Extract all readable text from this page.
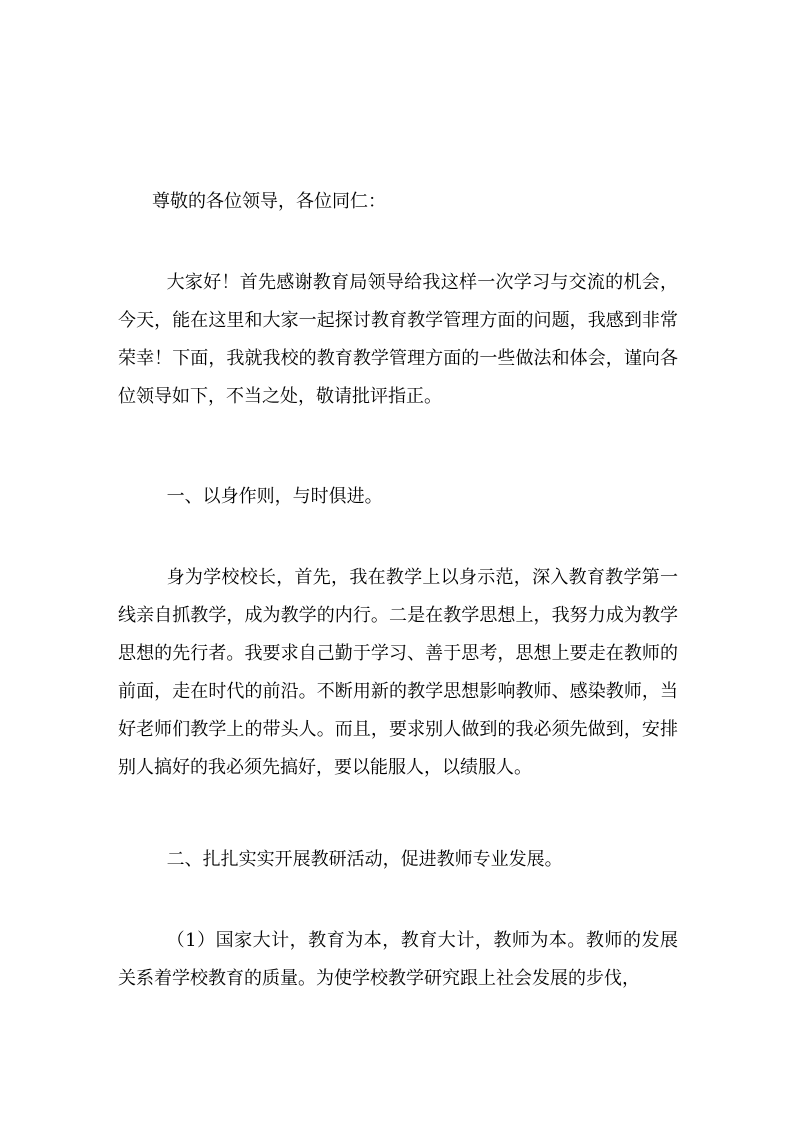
尊敬的各位领导，各位同仁：

大家好！首先感谢教育局领导给我这样一次学习与交流的机会，今天，能在这里和大家一起探讨教育教学管理方面的问题，我感到非常荣幸！下面，我就我校的教育教学管理方面的一些做法和体会，谨向各位领导如下，不当之处，敬请批评指正。

一、以身作则，与时俱进。

身为学校校长，首先，我在教学上以身示范，深入教育教学第一线亲自抓教学，成为教学的内行。二是在教学思想上，我努力成为教学思想的先行者。我要求自己勤于学习、善于思考，思想上要走在教师的前面，走在时代的前沿。不断用新的教学思想影响教师、感染教师，当好老师们教学上的带头人。而且，要求别人做到的我必须先做到，安排别人搞好的我必须先搞好，要以能服人，以绩服人。

二、扎扎实实开展教研活动，促进教师专业发展。

（1）国家大计，教育为本，教育大计，教师为本。教师的发展关系着学校教育的质量。为使学校教学研究跟上社会发展的步伐，
